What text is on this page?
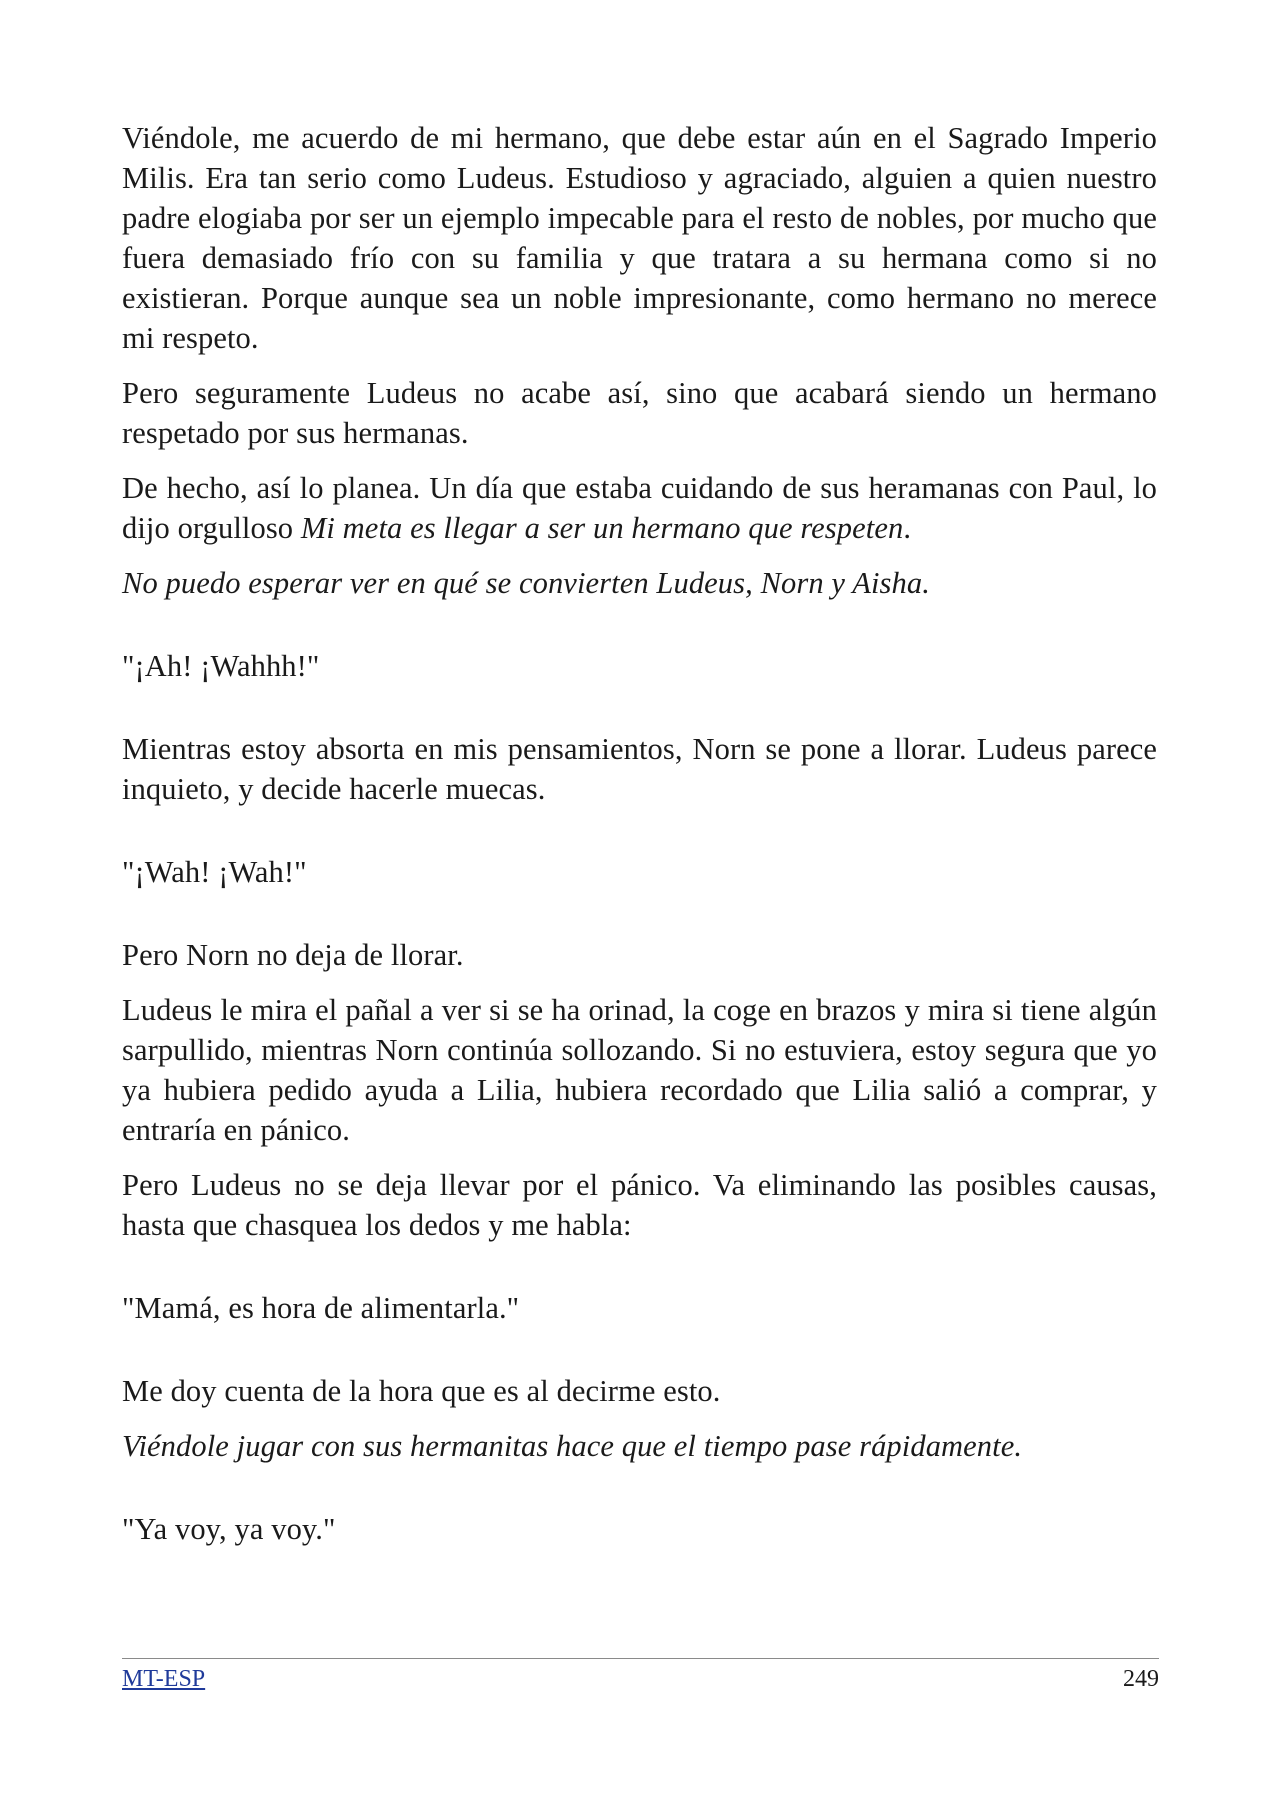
Viéndole, me acuerdo de mi hermano, que debe estar aún en el Sagrado Imperio Milis. Era tan serio como Ludeus. Estudioso y agraciado, alguien a quien nuestro padre elogiaba por ser un ejemplo impecable para el resto de nobles, por mucho que fuera demasiado frío con su familia y que tratara a su hermana como si no existieran. Porque aunque sea un noble impresionante, como hermano no merece mi respeto.

Pero seguramente Ludeus no acabe así, sino que acabará siendo un hermano respetado por sus hermanas.

De hecho, así lo planea. Un día que estaba cuidando de sus heramanas con Paul, lo dijo orgulloso Mi meta es llegar a ser un hermano que respeten.

No puedo esperar ver en qué se convierten Ludeus, Norn y Aisha.

"¡Ah! ¡Wahhh!"

Mientras estoy absorta en mis pensamientos, Norn se pone a llorar. Ludeus parece inquieto, y decide hacerle muecas.

"¡Wah! ¡Wah!"

Pero Norn no deja de llorar.

Ludeus le mira el pañal a ver si se ha orinad, la coge en brazos y mira si tiene algún sarpullido, mientras Norn continúa sollozando. Si no estuviera, estoy segura que yo ya hubiera pedido ayuda a Lilia, hubiera recordado que Lilia salió a comprar, y entraría en pánico.

Pero Ludeus no se deja llevar por el pánico. Va eliminando las posibles causas, hasta que chasquea los dedos y me habla:

"Mamá, es hora de alimentarla."

Me doy cuenta de la hora que es al decirme esto.

Viéndole jugar con sus hermanitas hace que el tiempo pase rápidamente.

"Ya voy, ya voy."

MT-ESP	249
